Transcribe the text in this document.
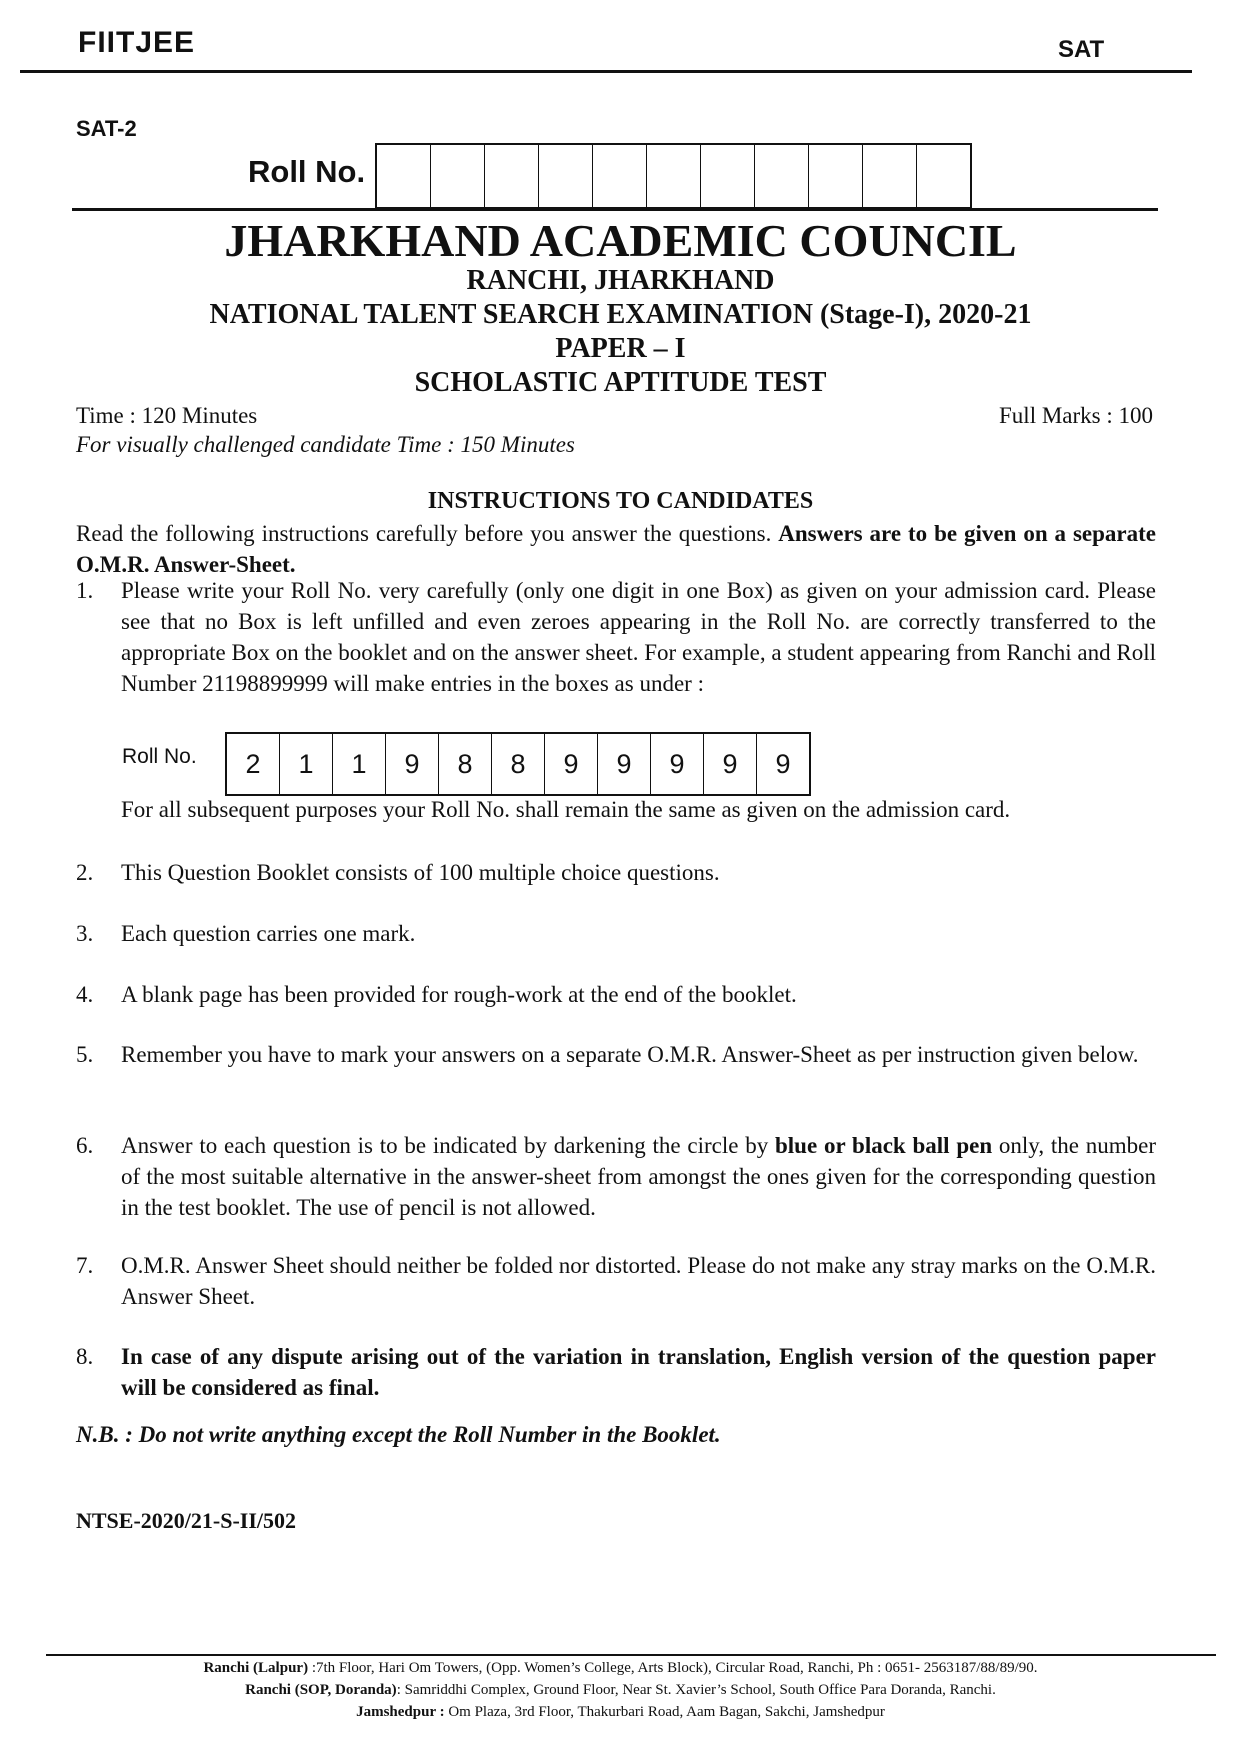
FIITJEE	SAT
SAT-2
Roll No.
JHARKHAND ACADEMIC COUNCIL
RANCHI, JHARKHAND
NATIONAL TALENT SEARCH EXAMINATION (Stage-I), 2020-21
PAPER – I
SCHOLASTIC APTITUDE TEST
Time : 120 Minutes	Full Marks : 100
For visually challenged candidate Time : 150 Minutes
INSTRUCTIONS TO CANDIDATES
Read the following instructions carefully before you answer the questions. Answers are to be given on a separate O.M.R. Answer-Sheet.
1. Please write your Roll No. very carefully (only one digit in one Box) as given on your admission card. Please see that no Box is left unfilled and even zeroes appearing in the Roll No. are correctly transferred to the appropriate Box on the booklet and on the answer sheet. For example, a student appearing from Ranchi and Roll Number 21198899999 will make entries in the boxes as under :
Roll No.	2	1	1	9	8	8	9	9	9	9	9
For all subsequent purposes your Roll No. shall remain the same as given on the admission card.
2. This Question Booklet consists of 100 multiple choice questions.
3. Each question carries one mark.
4. A blank page has been provided for rough-work at the end of the booklet.
5. Remember you have to mark your answers on a separate O.M.R. Answer-Sheet as per instruction given below.
6. Answer to each question is to be indicated by darkening the circle by blue or black ball pen only, the number of the most suitable alternative in the answer-sheet from amongst the ones given for the corresponding question in the test booklet. The use of pencil is not allowed.
7. O.M.R. Answer Sheet should neither be folded nor distorted. Please do not make any stray marks on the O.M.R. Answer Sheet.
8. In case of any dispute arising out of the variation in translation, English version of the question paper will be considered as final.
N.B. : Do not write anything except the Roll Number in the Booklet.
NTSE-2020/21-S-II/502
Ranchi (Lalpur) :7th Floor, Hari Om Towers, (Opp. Women’s College, Arts Block), Circular Road, Ranchi, Ph : 0651- 2563187/88/89/90.
Ranchi (SOP, Doranda): Samriddhi Complex, Ground Floor, Near St. Xavier’s School, South Office Para Doranda, Ranchi.
Jamshedpur : Om Plaza, 3rd Floor, Thakurbari Road, Aam Bagan, Sakchi, Jamshedpur
